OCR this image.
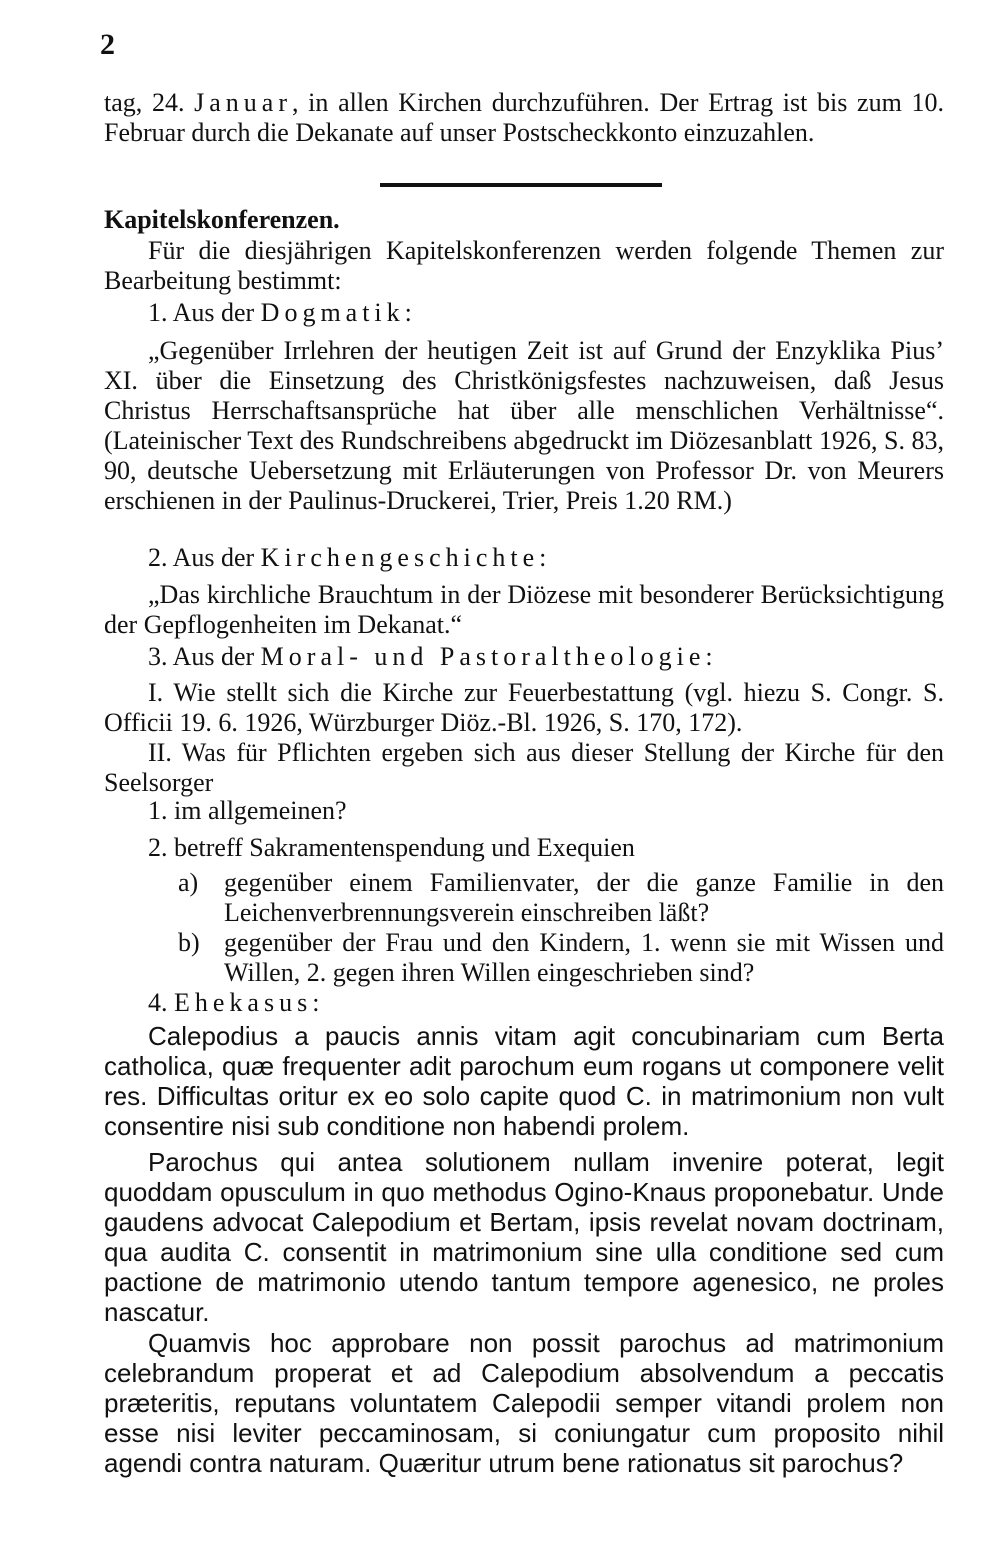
2

tag, 24. Januar, in allen Kirchen durchzuführen. Der Ertrag ist bis zum 10. Februar durch die Dekanate auf unser Postscheckkonto einzuzahlen.

Kapitelskonferenzen.

Für die diesjährigen Kapitelskonferenzen werden folgende Themen zur Bearbeitung bestimmt:

1. Aus der Dogmatik:

„Gegenüber Irrlehren der heutigen Zeit ist auf Grund der Enzyklika Pius’ XI. über die Einsetzung des Christkönigsfestes nachzuweisen, daß Jesus Christus Herrschaftsansprüche hat über alle menschlichen Verhältnisse“. (Lateinischer Text des Rundschreibens abgedruckt im Diözesanblatt 1926, S. 83, 90, deutsche Uebersetzung mit Erläuterungen von Professor Dr. von Meurers erschienen in der Paulinus-Druckerei, Trier, Preis 1.20 RM.)

2. Aus der Kirchengeschichte:

„Das kirchliche Brauchtum in der Diözese mit besonderer Berücksichtigung der Gepflogenheiten im Dekanat.“

3. Aus der Moral- und Pastoraltheologie:

I. Wie stellt sich die Kirche zur Feuerbestattung (vgl. hiezu S. Congr. S. Officii 19. 6. 1926, Würzburger Diöz.-Bl. 1926, S. 170, 172).

II. Was für Pflichten ergeben sich aus dieser Stellung der Kirche für den Seelsorger

1. im allgemeinen?

2. betreff Sakramentenspendung und Exequien

a) gegenüber einem Familienvater, der die ganze Familie in den Leichenverbrennungsverein einschreiben läßt?

b) gegenüber der Frau und den Kindern, 1. wenn sie mit Wissen und Willen, 2. gegen ihren Willen eingeschrieben sind?

4. Ehekasus:

Calepodius a paucis annis vitam agit concubinariam cum Berta catholica, quæ frequenter adit parochum eum rogans ut componere velit res. Difficultas oritur ex eo solo capite quod C. in matrimonium non vult consentire nisi sub conditione non habendi prolem.

Parochus qui antea solutionem nullam invenire poterat, legit quoddam opusculum in quo methodus Ogino-Knaus proponebatur. Unde gaudens advocat Calepodium et Bertam, ipsis revelat novam doctrinam, qua audita C. consentit in matrimonium sine ulla conditione sed cum pactione de matrimonio utendo tantum tempore agenesico, ne proles nascatur.

Quamvis hoc approbare non possit parochus ad matrimonium celebrandum properat et ad Calepodium absolvendum a peccatis præteritis, reputans voluntatem Calepodii semper vitandi prolem non esse nisi leviter peccaminosam, si coniungatur cum proposito nihil agendi contra naturam. Quæritur utrum bene rationatus sit parochus?
